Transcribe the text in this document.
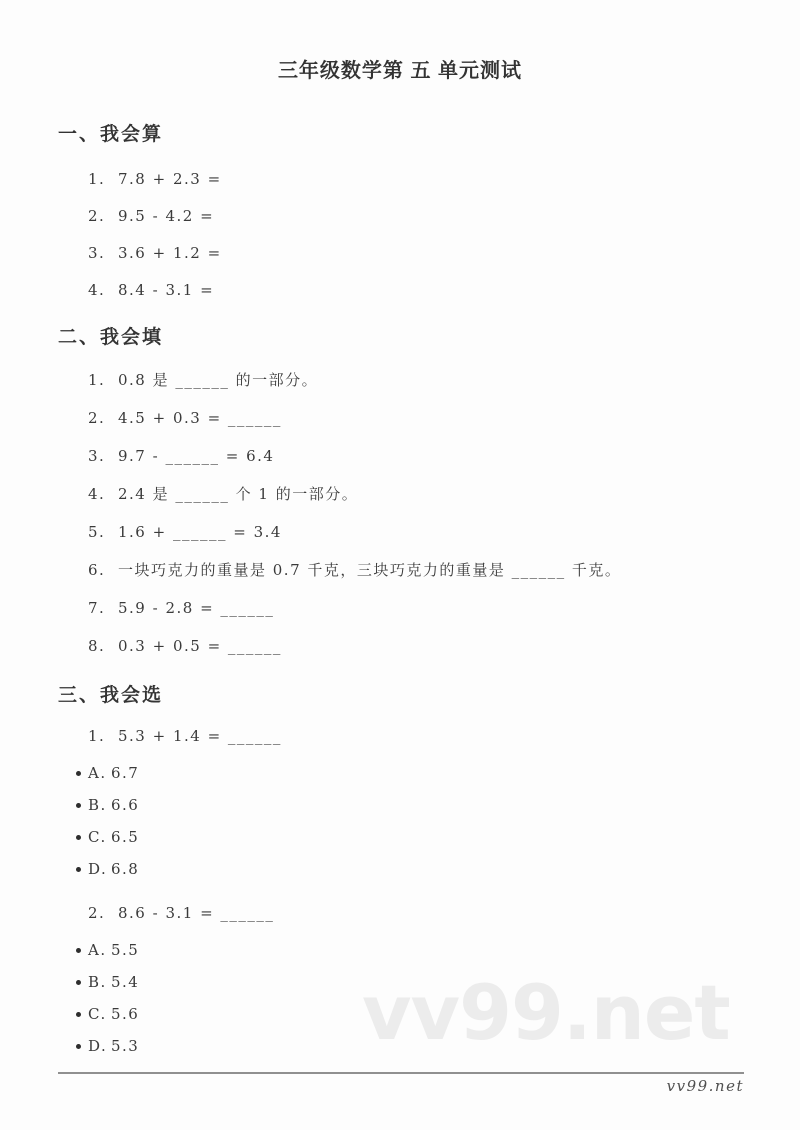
三年级数学第 五 单元测试
一、我会算
1. 7.8 + 2.3 =
2. 9.5 - 4.2 =
3. 3.6 + 1.2 =
4. 8.4 - 3.1 =
二、我会填
1. 0.8 是 ______ 的一部分。
2. 4.5 + 0.3 = ______
3. 9.7 - ______ = 6.4
4. 2.4 是 ______ 个 1 的一部分。
5. 1.6 + ______ = 3.4
6. 一块巧克力的重量是 0.7 千克，三块巧克力的重量是 ______ 千克。
7. 5.9 - 2.8 = ______
8. 0.3 + 0.5 = ______
三、我会选
1. 5.3 + 1.4 = ______
A. 6.7
B. 6.6
C. 6.5
D. 6.8
2. 8.6 - 3.1 = ______
A. 5.5
B. 5.4
C. 5.6
D. 5.3	vv99.net
vv99.net
